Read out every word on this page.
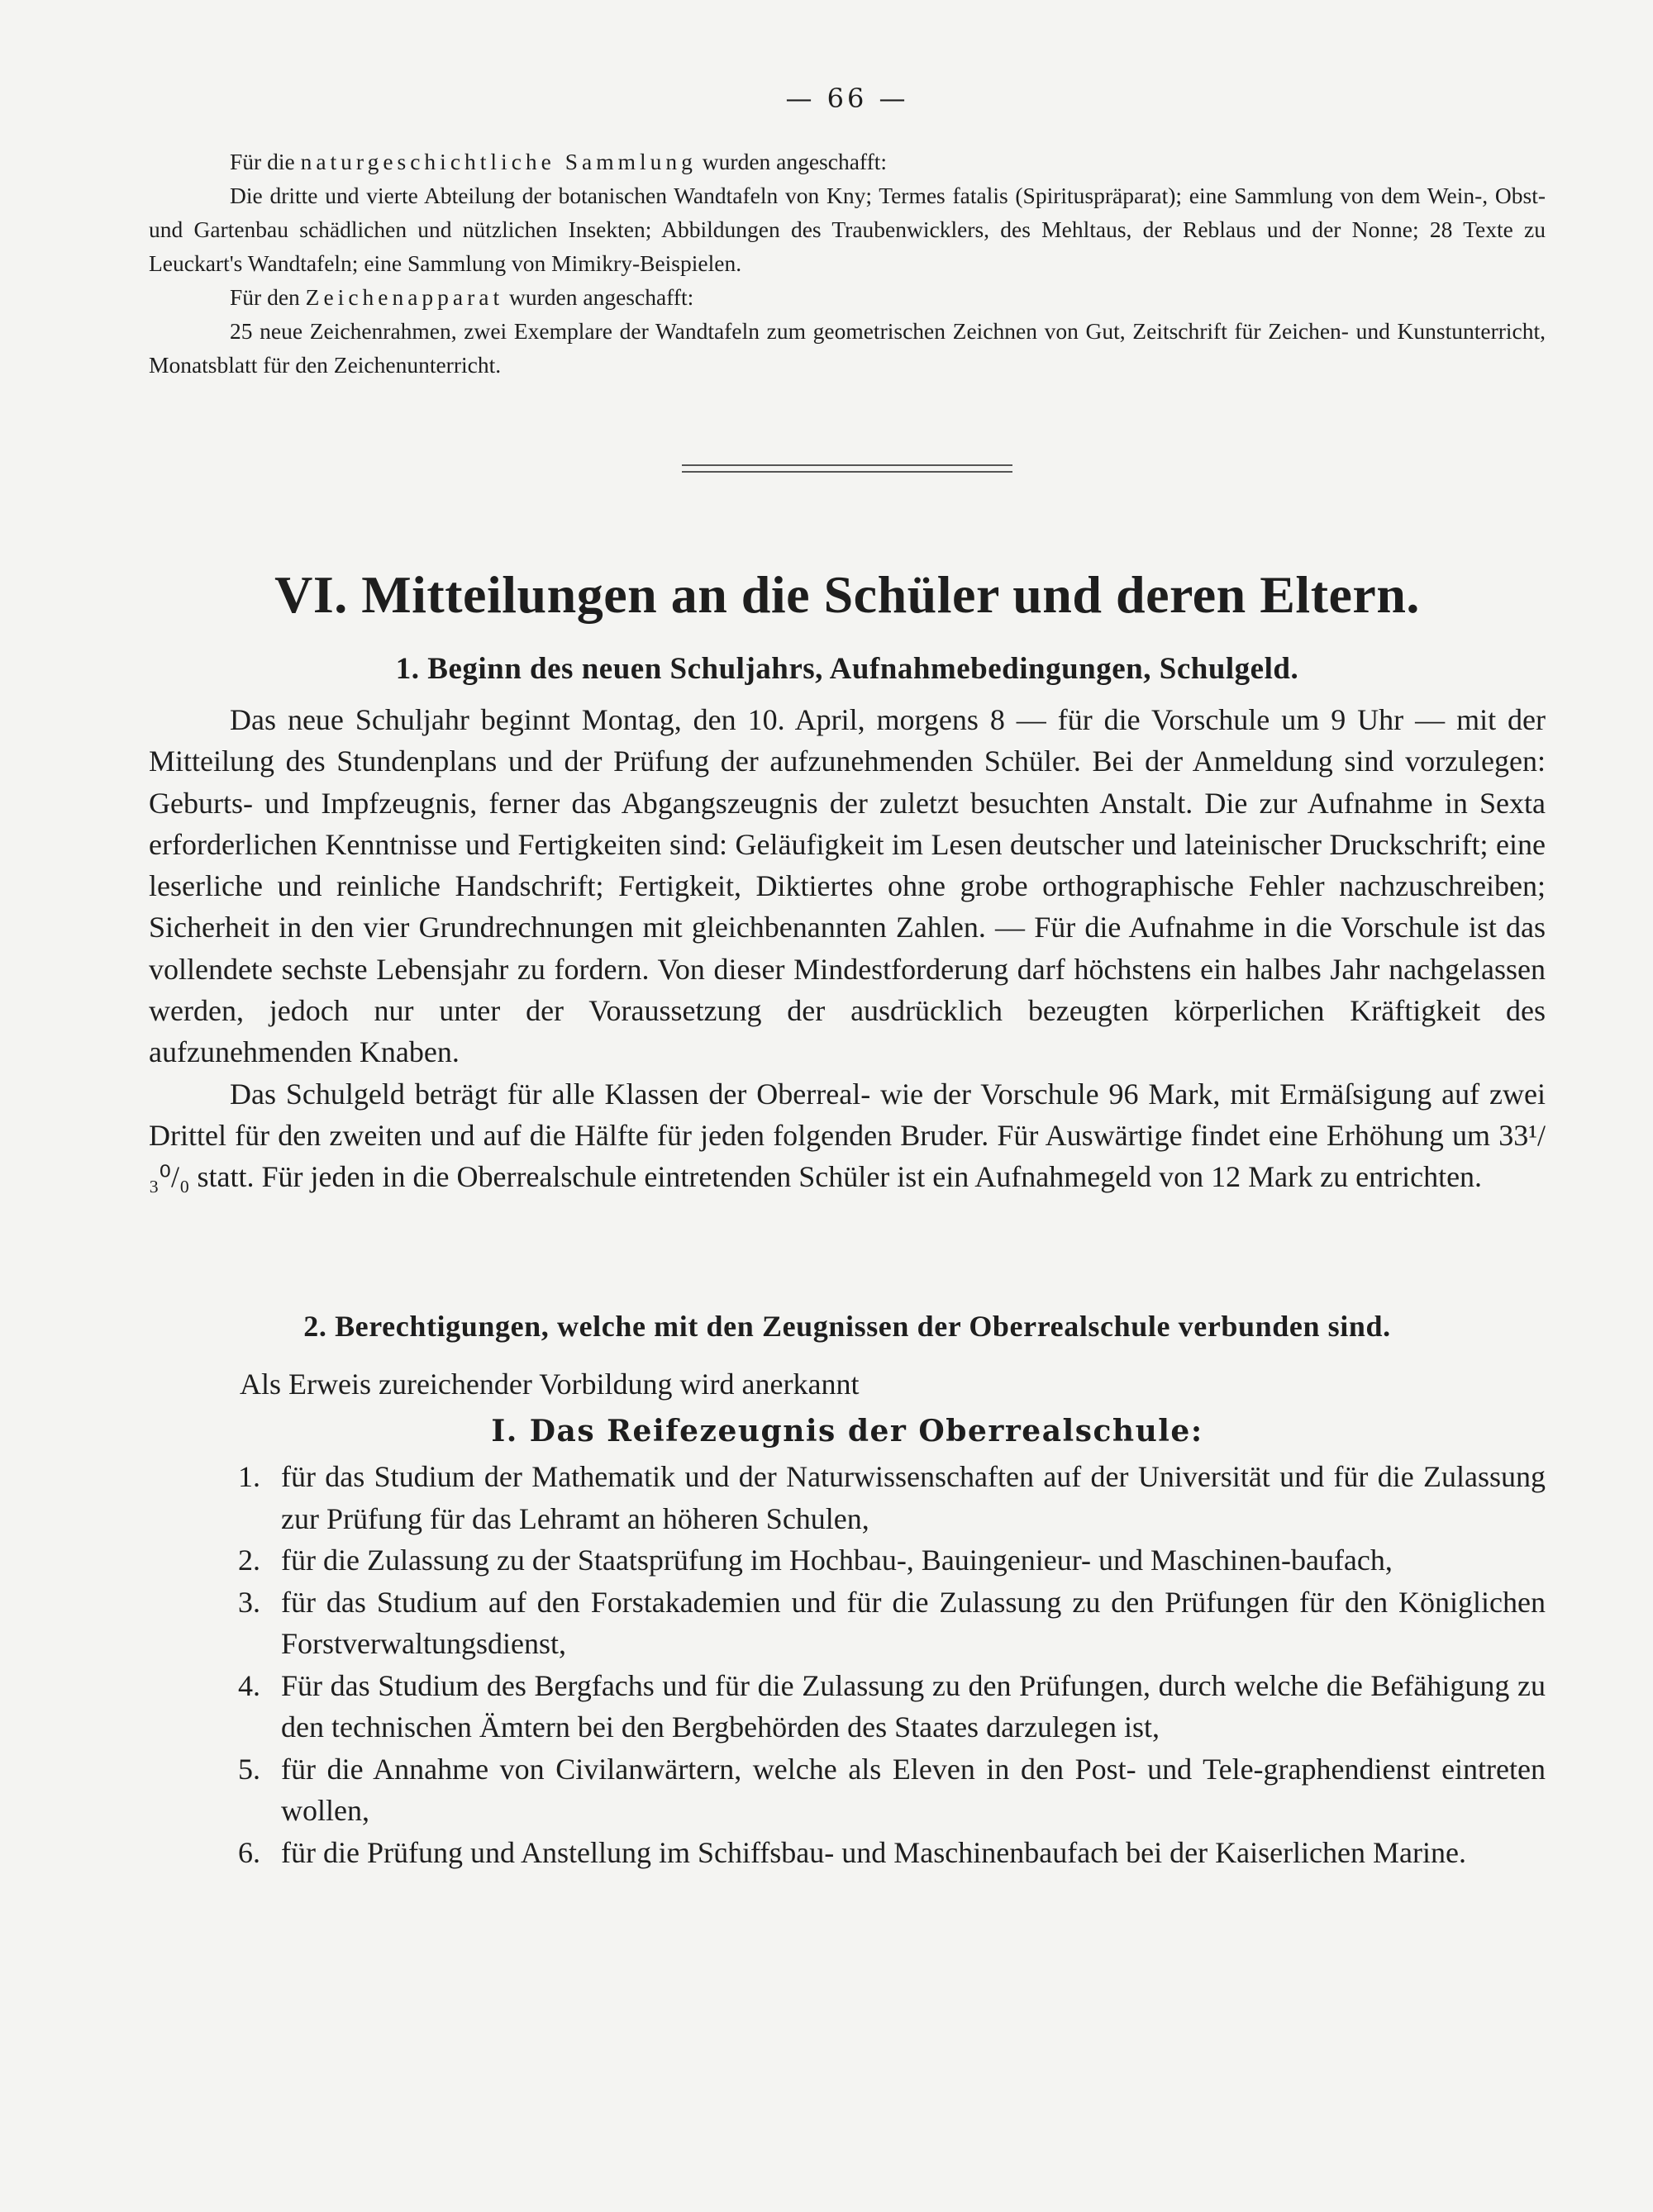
— 66 —

Für die naturgeschichtliche Sammlung wurden angeschafft:

Die dritte und vierte Abteilung der botanischen Wandtafeln von Kny; Termes fatalis (Spirituspräparat); eine Sammlung von dem Wein-, Obst- und Gartenbau schädlichen und nützlichen Insekten; Abbildungen des Traubenwicklers, des Mehltaus, der Reblaus und der Nonne; 28 Texte zu Leuckart's Wandtafeln; eine Sammlung von Mimikry-Beispielen.

Für den Zeichenapparat wurden angeschafft:

25 neue Zeichenrahmen, zwei Exemplare der Wandtafeln zum geometrischen Zeichnen von Gut, Zeitschrift für Zeichen- und Kunstunterricht, Monatsblatt für den Zeichenunterricht.

VI. Mitteilungen an die Schüler und deren Eltern.
1. Beginn des neuen Schuljahrs, Aufnahmebedingungen, Schulgeld.

Das neue Schuljahr beginnt Montag, den 10. April, morgens 8 — für die Vorschule um 9 Uhr — mit der Mitteilung des Stundenplans und der Prüfung der aufzunehmenden Schüler. Bei der Anmeldung sind vorzulegen: Geburts- und Impfzeugnis, ferner das Abgangszeugnis der zuletzt besuchten Anstalt. Die zur Aufnahme in Sexta erforderlichen Kenntnisse und Fertigkeiten sind: Geläufigkeit im Lesen deutscher und lateinischer Druckschrift; eine leserliche und reinliche Handschrift; Fertigkeit, Diktiertes ohne grobe orthographische Fehler nachzuschreiben; Sicherheit in den vier Grundrechnungen mit gleichbenannten Zahlen. — Für die Aufnahme in die Vorschule ist das vollendete sechste Lebensjahr zu fordern. Von dieser Mindestforderung darf höchstens ein halbes Jahr nachgelassen werden, jedoch nur unter der Voraussetzung der ausdrücklich bezeugten körperlichen Kräftigkeit des aufzunehmenden Knaben.

Das Schulgeld beträgt für alle Klassen der Oberreal- wie der Vorschule 96 Mark, mit Ermäſsigung auf zwei Drittel für den zweiten und auf die Hälfte für jeden folgenden Bruder. Für Auswärtige findet eine Erhöhung um 33¹/₃⁰/₀ statt. Für jeden in die Oberrealschule eintretenden Schüler ist ein Aufnahmegeld von 12 Mark zu entrichten.

2. Berechtigungen, welche mit den Zeugnissen der Oberrealschule verbunden sind.
Als Erweis zureichender Vorbildung wird anerkannt
I. Das Reifezeugnis der Oberrealschule:
1. für das Studium der Mathematik und der Naturwissenschaften auf der Universität und für die Zulassung zur Prüfung für das Lehramt an höheren Schulen,
2. für die Zulassung zu der Staatsprüfung im Hochbau-, Bauingenieur- und Maschinen-baufach,
3. für das Studium auf den Forstakademien und für die Zulassung zu den Prüfungen für den Königlichen Forstverwaltungsdienst,
4. Für das Studium des Bergfachs und für die Zulassung zu den Prüfungen, durch welche die Befähigung zu den technischen Ämtern bei den Bergbehörden des Staates darzulegen ist,
5. für die Annahme von Civilanwärtern, welche als Eleven in den Post- und Tele-graphendienst eintreten wollen,
6. für die Prüfung und Anstellung im Schiffsbau- und Maschinenbaufach bei der Kaiserlichen Marine.
